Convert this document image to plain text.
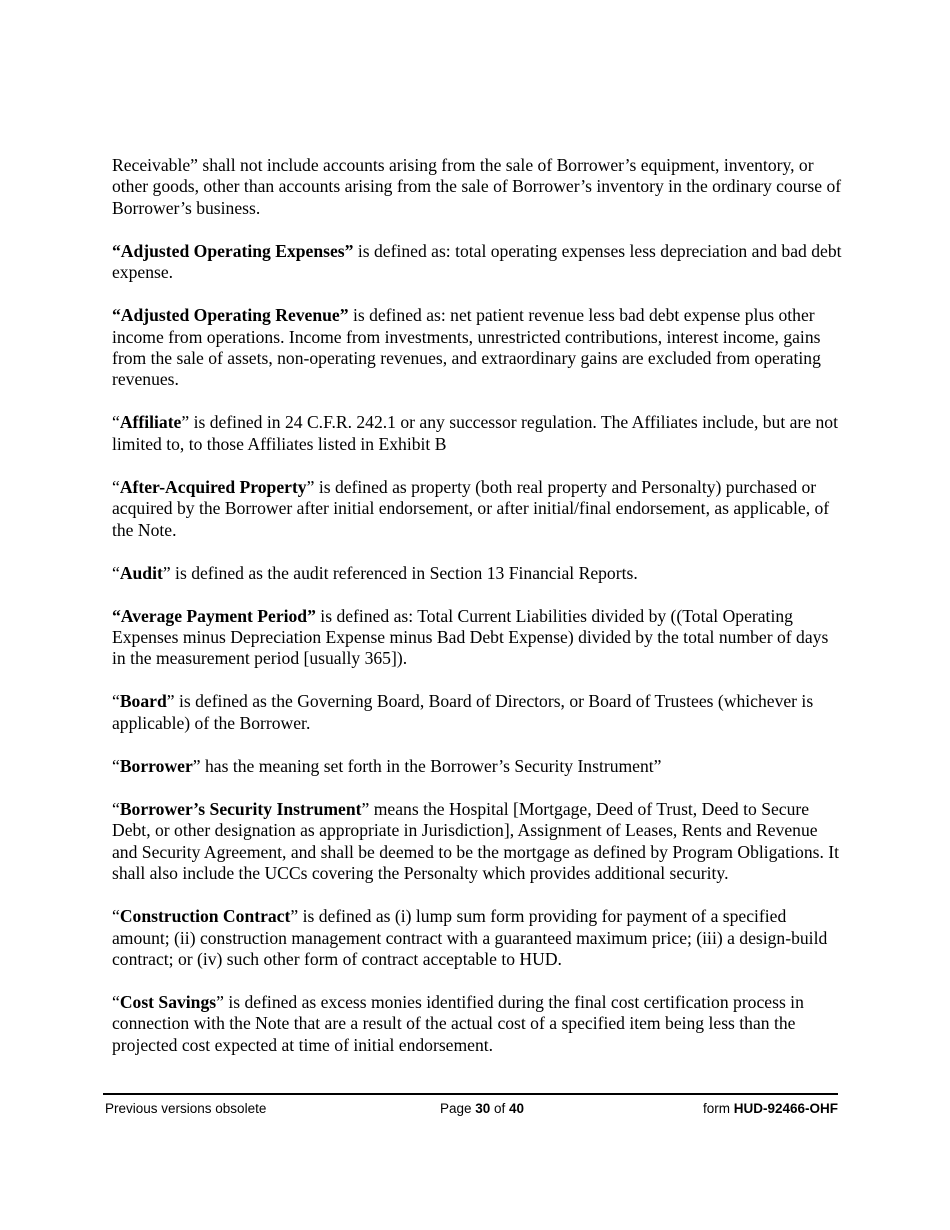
Receivable” shall not include accounts arising from the sale of Borrower’s equipment, inventory, or other goods, other than accounts arising from the sale of Borrower’s inventory in the ordinary course of Borrower’s business.

“Adjusted Operating Expenses” is defined as: total operating expenses less depreciation and bad debt expense.

“Adjusted Operating Revenue” is defined as: net patient revenue less bad debt expense plus other income from operations. Income from investments, unrestricted contributions, interest income, gains from the sale of assets, non-operating revenues, and extraordinary gains are excluded from operating revenues.

“Affiliate” is defined in 24 C.F.R. 242.1 or any successor regulation. The Affiliates include, but are not limited to, to those Affiliates listed in Exhibit B

“After-Acquired Property” is defined as property (both real property and Personalty) purchased or acquired by the Borrower after initial endorsement, or after initial/final endorsement, as applicable, of the Note.

“Audit” is defined as the audit referenced in Section 13 Financial Reports.

“Average Payment Period” is defined as: Total Current Liabilities divided by ((Total Operating Expenses minus Depreciation Expense minus Bad Debt Expense) divided by the total number of days in the measurement period [usually 365]).

“Board” is defined as the Governing Board, Board of Directors, or Board of Trustees (whichever is applicable) of the Borrower.

“Borrower” has the meaning set forth in the Borrower’s Security Instrument”

“Borrower’s Security Instrument” means the Hospital [Mortgage, Deed of Trust, Deed to Secure Debt, or other designation as appropriate in Jurisdiction], Assignment of Leases, Rents and Revenue and Security Agreement, and shall be deemed to be the mortgage as defined by Program Obligations. It shall also include the UCCs covering the Personalty which provides additional security.

“Construction Contract” is defined as (i) lump sum form providing for payment of a specified amount; (ii) construction management contract with a guaranteed maximum price; (iii) a design-build contract; or (iv) such other form of contract acceptable to HUD.

“Cost Savings” is defined as excess monies identified during the final cost certification process in connection with the Note that are a result of the actual cost of a specified item being less than the projected cost expected at time of initial endorsement.

Previous versions obsolete	Page 30 of 40	form HUD-92466-OHF
